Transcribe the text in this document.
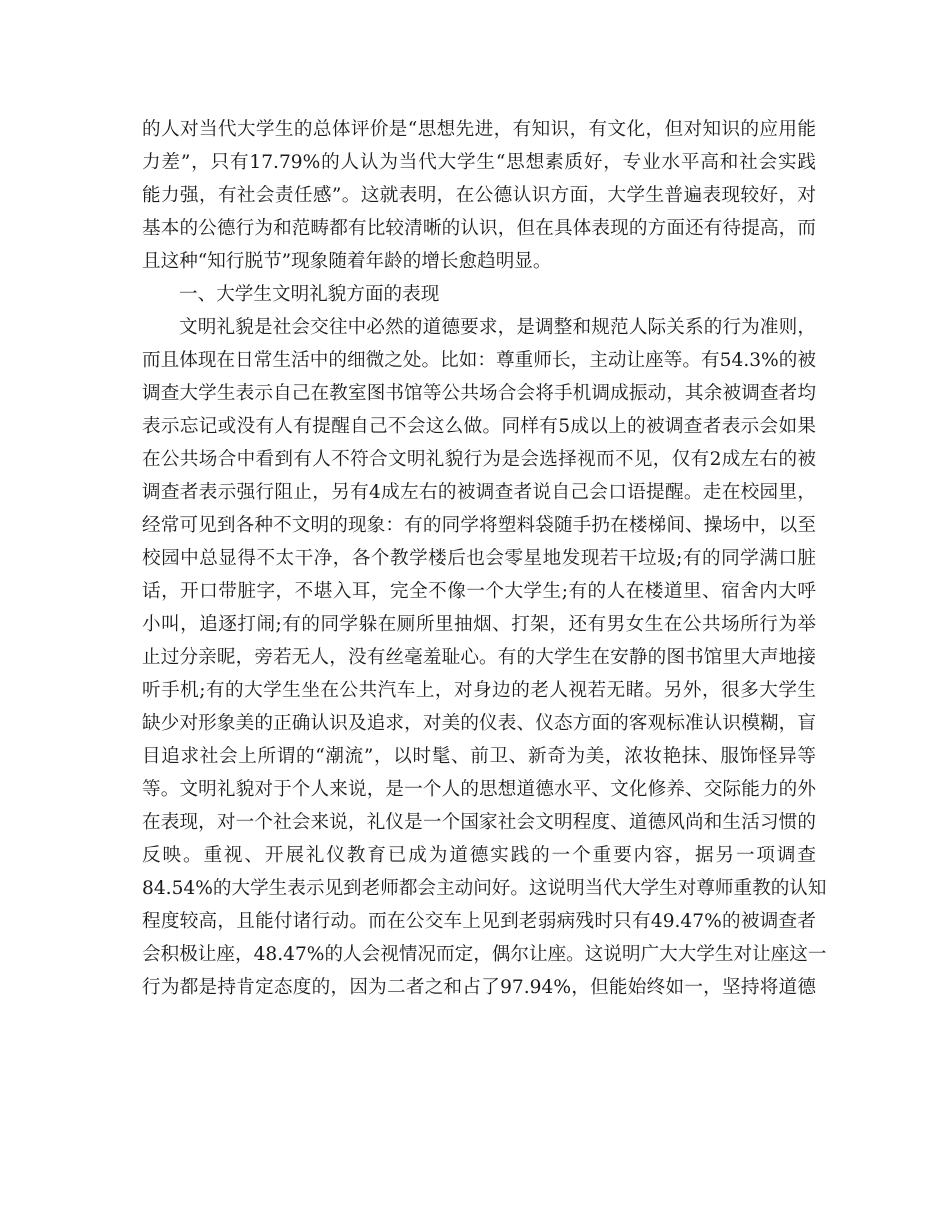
的人对当代大学生的总体评价是“思想先进，有知识，有文化，但对知识的应用能
力差”，只有17.79%的人认为当代大学生“思想素质好，专业水平高和社会实践
能力强，有社会责任感”。这就表明，在公德认识方面，大学生普遍表现较好，对
基本的公德行为和范畴都有比较清晰的认识，但在具体表现的方面还有待提高，而
且这种“知行脱节”现象随着年龄的增长愈趋明显。
一、大学生文明礼貌方面的表现
文明礼貌是社会交往中必然的道德要求，是调整和规范人际关系的行为准则，
而且体现在日常生活中的细微之处。比如：尊重师长，主动让座等。有54.3%的被
调查大学生表示自己在教室图书馆等公共场合会将手机调成振动，其余被调查者均
表示忘记或没有人有提醒自己不会这么做。同样有5成以上的被调查者表示会如果
在公共场合中看到有人不符合文明礼貌行为是会选择视而不见，仅有2成左右的被
调查者表示强行阻止，另有4成左右的被调查者说自己会口语提醒。走在校园里，
经常可见到各种不文明的现象：有的同学将塑料袋随手扔在楼梯间、操场中，以至
校园中总显得不太干净，各个教学楼后也会零星地发现若干垃圾;有的同学满口脏
话，开口带脏字，不堪入耳，完全不像一个大学生;有的人在楼道里、宿舍内大呼
小叫，追逐打闹;有的同学躲在厕所里抽烟、打架，还有男女生在公共场所行为举
止过分亲昵，旁若无人，没有丝毫羞耻心。有的大学生在安静的图书馆里大声地接
听手机;有的大学生坐在公共汽车上，对身边的老人视若无睹。另外，很多大学生
缺少对形象美的正确认识及追求，对美的仪表、仪态方面的客观标准认识模糊，盲
目追求社会上所谓的“潮流”，以时髦、前卫、新奇为美，浓妆艳抹、服饰怪异等
等。文明礼貌对于个人来说，是一个人的思想道德水平、文化修养、交际能力的外
在表现，对一个社会来说，礼仪是一个国家社会文明程度、道德风尚和生活习惯的
反映。重视、开展礼仪教育已成为道德实践的一个重要内容，据另一项调查
84.54%的大学生表示见到老师都会主动问好。这说明当代大学生对尊师重教的认知
程度较高，且能付诸行动。而在公交车上见到老弱病残时只有49.47%的被调查者
会积极让座，48.47%的人会视情况而定，偶尔让座。这说明广大大学生对让座这一
行为都是持肯定态度的，因为二者之和占了97.94%，但能始终如一，坚持将道德
